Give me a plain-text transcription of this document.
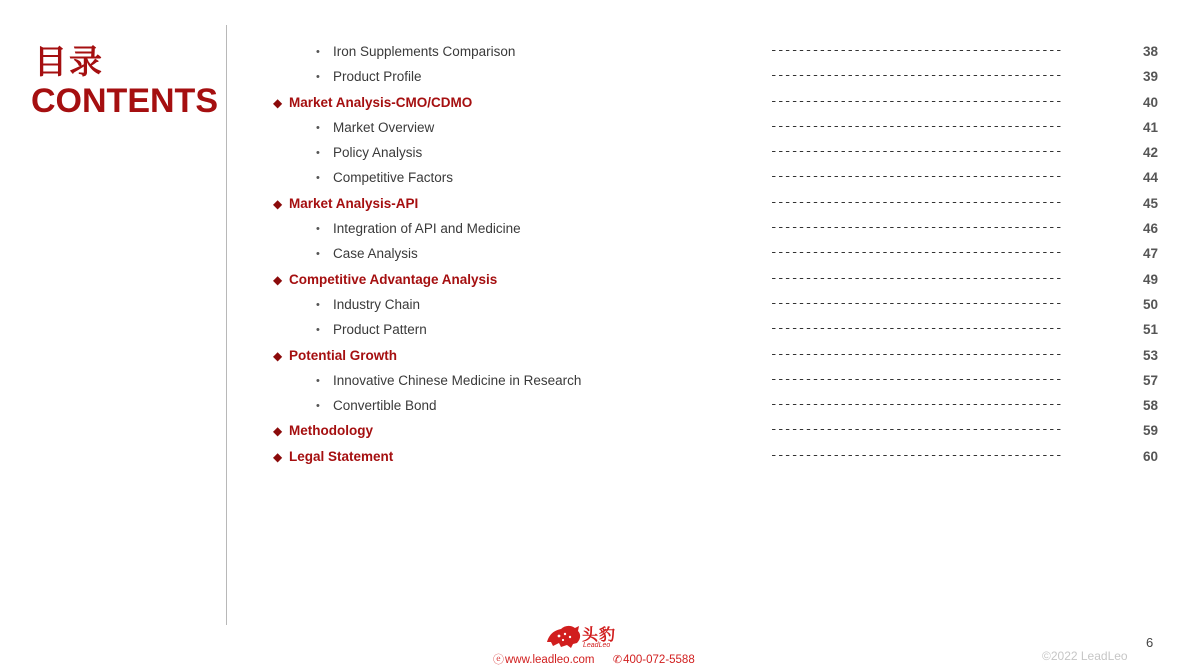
目录
CONTENTS
• Iron Supplements Comparison	------------------------------------------	38
• Product Profile	------------------------------------------	39
◆ Market Analysis-CMO/CDMO	------------------------------------------	40
• Market Overview	------------------------------------------	41
• Policy Analysis	------------------------------------------	42
• Competitive Factors	------------------------------------------	44
◆ Market Analysis-API	------------------------------------------	45
• Integration of API and Medicine	------------------------------------------	46
• Case Analysis	------------------------------------------	47
◆ Competitive Advantage Analysis	------------------------------------------	49
• Industry Chain	------------------------------------------	50
• Product Pattern	------------------------------------------	51
◆ Potential Growth	------------------------------------------	53
• Innovative Chinese Medicine in Research	------------------------------------------	57
• Convertible Bond	------------------------------------------	58
◆ Methodology	------------------------------------------	59
◆ Legal Statement	------------------------------------------	60
头豹
LeadLeo
ⓔwww.leadleo.com ✆400-072-5588
6
©2022 LeadLeo
